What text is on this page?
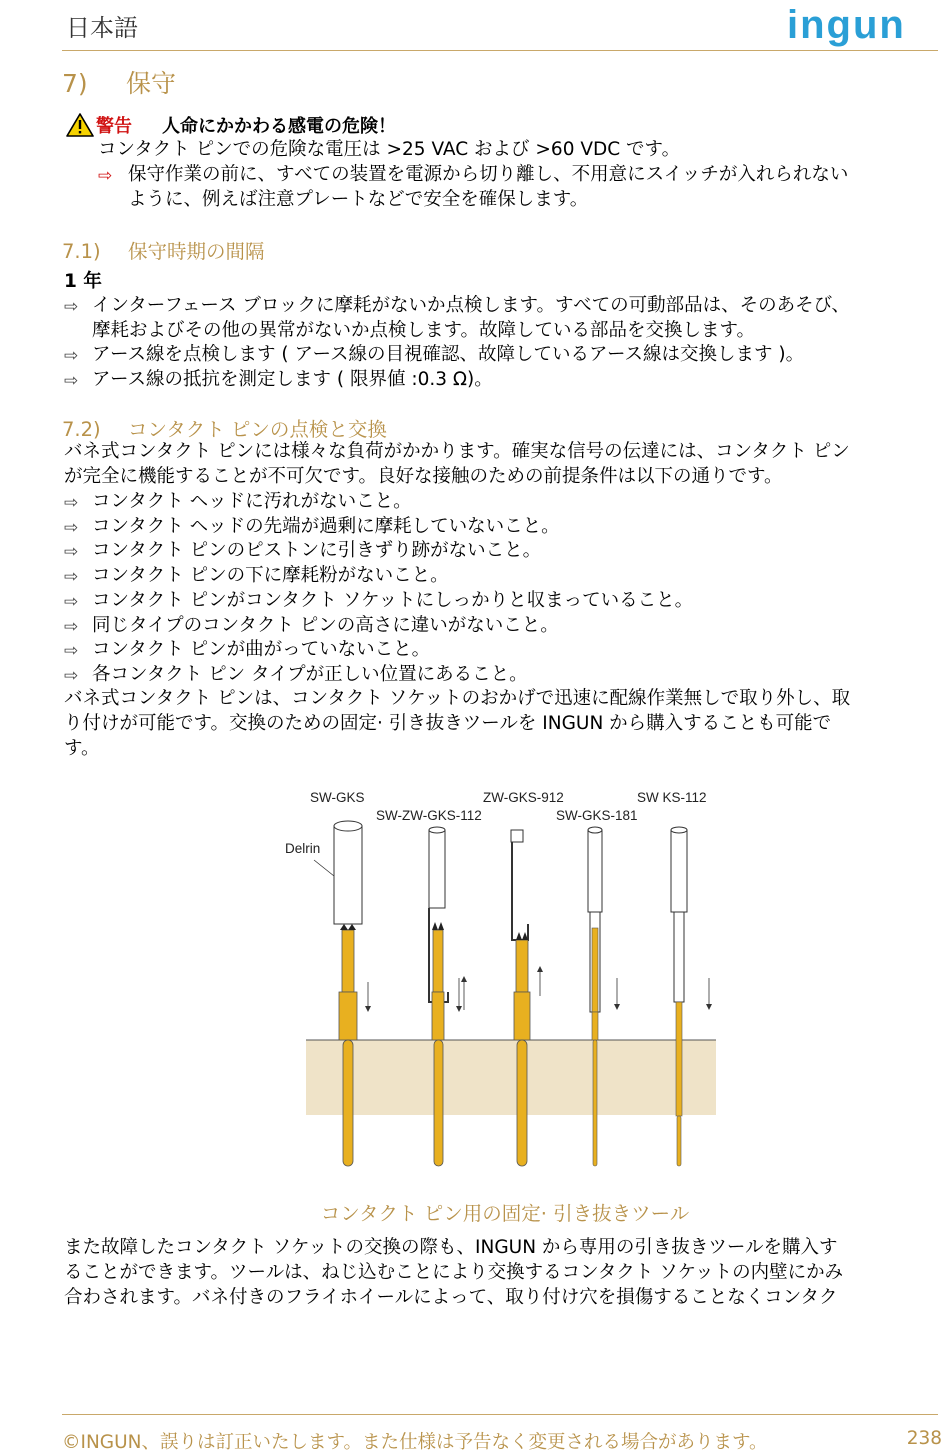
日本語	ingun
7) 保守
警告 人命にかかわる感電の危険！
コンタクト ピンでの危険な電圧は >25 VAC および >60 VDC です。
⇨ 保守作業の前に、すべての装置を電源から切り離し、不用意にスイッチが入れられない
ように、例えば注意プレートなどで安全を確保します。
7.1) 保守時期の間隔
1 年
⇨ インターフェース ブロックに摩耗がないか点検します。すべての可動部品は、そのあそび、
摩耗およびその他の異常がないか点検します。故障している部品を交換します。
⇨ アース線を点検します ( アース線の目視確認、故障しているアース線は交換します )。
⇨ アース線の抵抗を測定します ( 限界値 :0.3 Ω)。
7.2) コンタクト ピンの点検と交換
バネ式コンタクト ピンには様々な負荷がかかります。確実な信号の伝達には、コンタクト ピン
が完全に機能することが不可欠です。良好な接触のための前提条件は以下の通りです。
⇨ コンタクト ヘッドに汚れがないこと。
⇨ コンタクト ヘッドの先端が過剰に摩耗していないこと。
⇨ コンタクト ピンのピストンに引きずり跡がないこと。
⇨ コンタクト ピンの下に摩耗粉がないこと。
⇨ コンタクト ピンがコンタクト ソケットにしっかりと収まっていること。
⇨ 同じタイプのコンタクト ピンの高さに違いがないこと。
⇨ コンタクト ピンが曲がっていないこと。
⇨ 各コンタクト ピン タイプが正しい位置にあること。
バネ式コンタクト ピンは、コンタクト ソケットのおかげで迅速に配線作業無しで取り外し、取
り付けが可能です。交換のための固定· 引き抜きツールを INGUN から購入することも可能で
す。
SW-GKS
SW-ZW-GKS-112
ZW-GKS-912
SW-GKS-181
SW KS-112
Delrin
コンタクト ピン用の固定· 引き抜きツール
また故障したコンタクト ソケットの交換の際も、INGUN から専用の引き抜きツールを購入す
ることができます。ツールは、ねじ込むことにより交換するコンタクト ソケットの内壁にかみ
合わされます。バネ付きのフライホイールによって、取り付け穴を損傷することなくコンタク
©INGUN、誤りは訂正いたします。また仕様は予告なく変更される場合があります。	238
